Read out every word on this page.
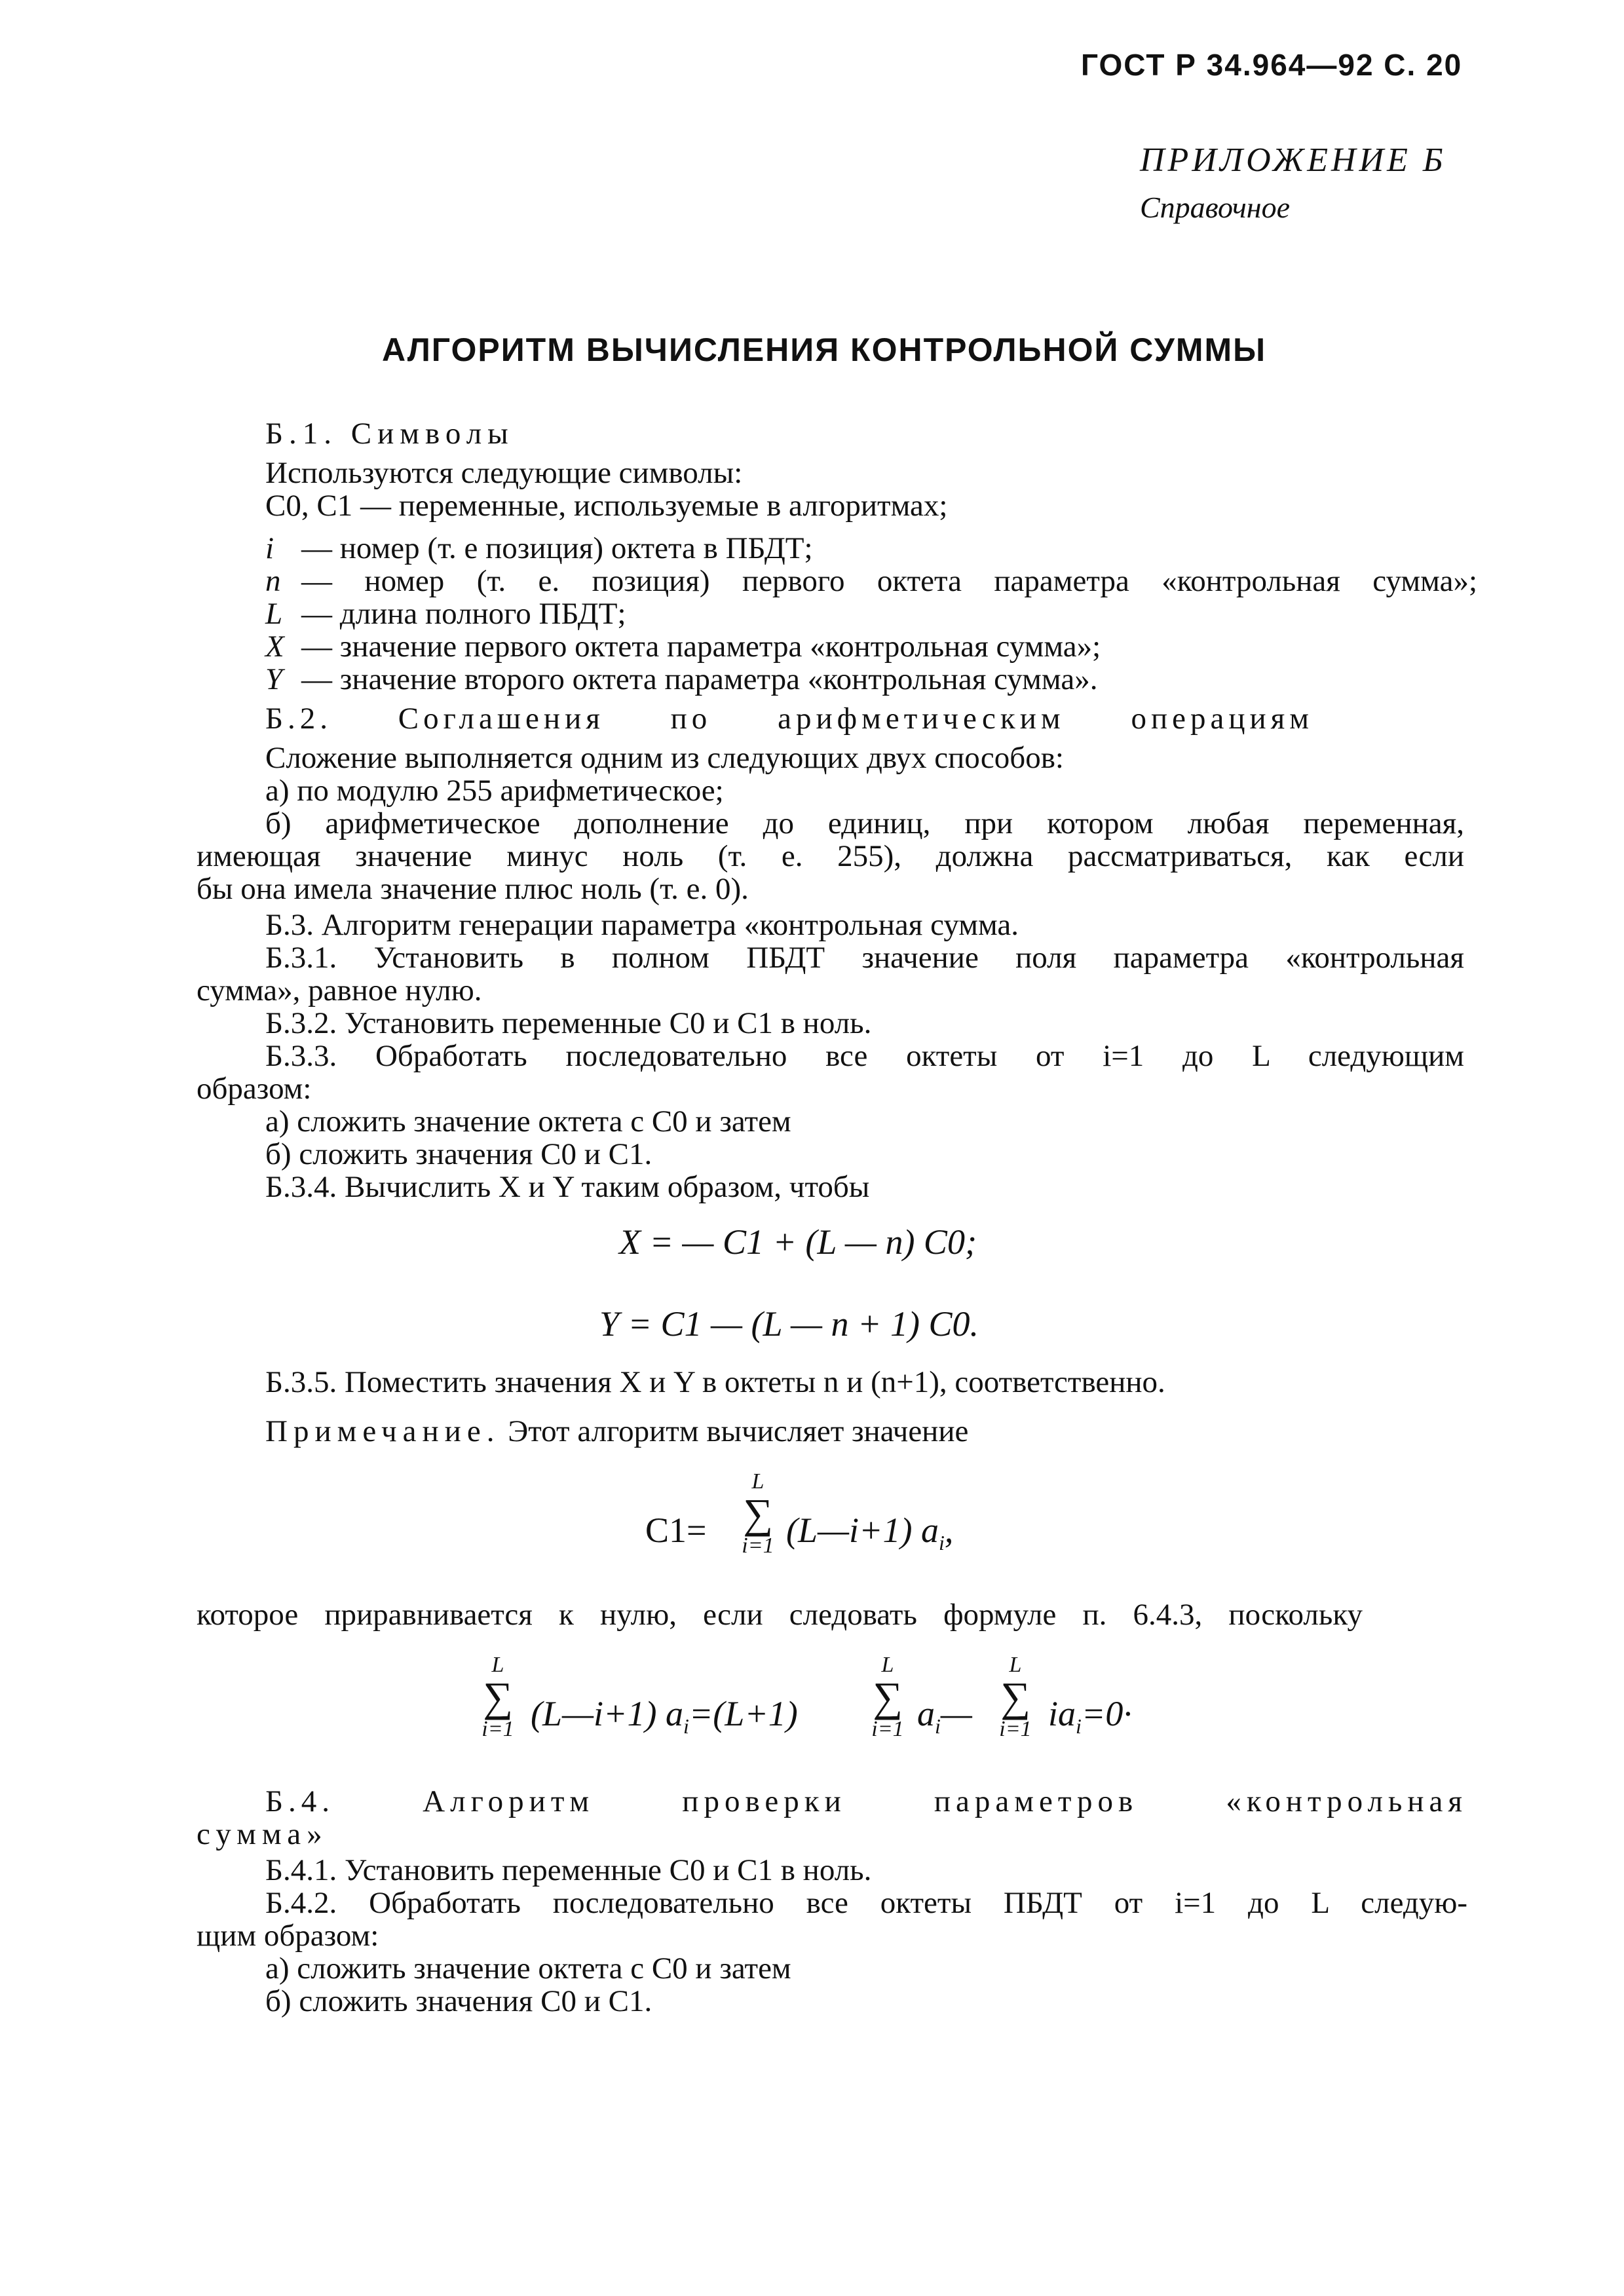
ГОСТ Р 34.964—92 С. 20
ПРИЛОЖЕНИЕ Б
Справочное
АЛГОРИТМ ВЫЧИСЛЕНИЯ КОНТРОЛЬНОЙ СУММЫ
Б.1. Символы
Используются следующие символы:
C0, C1 — переменные, используемые в алгоритмах;
i — номер (т. е позиция) октета в ПБДТ;
n — номер (т. е. позиция) первого октета параметра «контрольная сумма»;
L — длина полного ПБДТ;
X — значение первого октета параметра «контрольная сумма»;
Y — значение второго октета параметра «контрольная сумма».
Б.2. Соглашения по арифметическим операциям
Сложение выполняется одним из следующих двух способов:
а) по модулю 255 арифметическое;
б) арифметическое дополнение до единиц, при котором любая переменная,
имеющая значение минус ноль (т. е. 255), должна рассматриваться, как если
бы она имела значение плюс ноль (т. е. 0).
Б.3. Алгоритм генерации параметра «контрольная сумма.
Б.3.1. Установить в полном ПБДТ значение поля параметра «контрольная
сумма», равное нулю.
Б.3.2. Установить переменные C0 и C1 в ноль.
Б.3.3. Обработать последовательно все октеты от i=1 до L следующим
образом:
а) сложить значение октета с C0 и затем
б) сложить значения C0 и C1.
Б.3.4. Вычислить X и Y таким образом, чтобы
X = — C1 + (L — n) C0;
Y = C1 — (L — n + 1) C0.
Б.3.5. Поместить значения X и Y в октеты n и (n+1), соответственно.
Примечание. Этот алгоритм вычисляет значение
C1=
L
∑
i=1 (L—i+1) $a_i$,
которое приравнивается к нулю, если следовать формуле п. 6.4.3, поскольку
L
∑
i=1 (L—i+1) $a_i=(L+1)$
L
∑
i=1 $a_i—$
L
∑
i=1 $ia_i=0\cdot$
Б.4. Алгоритм проверки параметров «контрольная
сумма»
Б.4.1. Установить переменные C0 и C1 в ноль.
Б.4.2. Обработать последовательно все октеты ПБДТ от i=1 до L следую-
щим образом:
а) сложить значение октета с C0 и затем
б) сложить значения C0 и C1.
